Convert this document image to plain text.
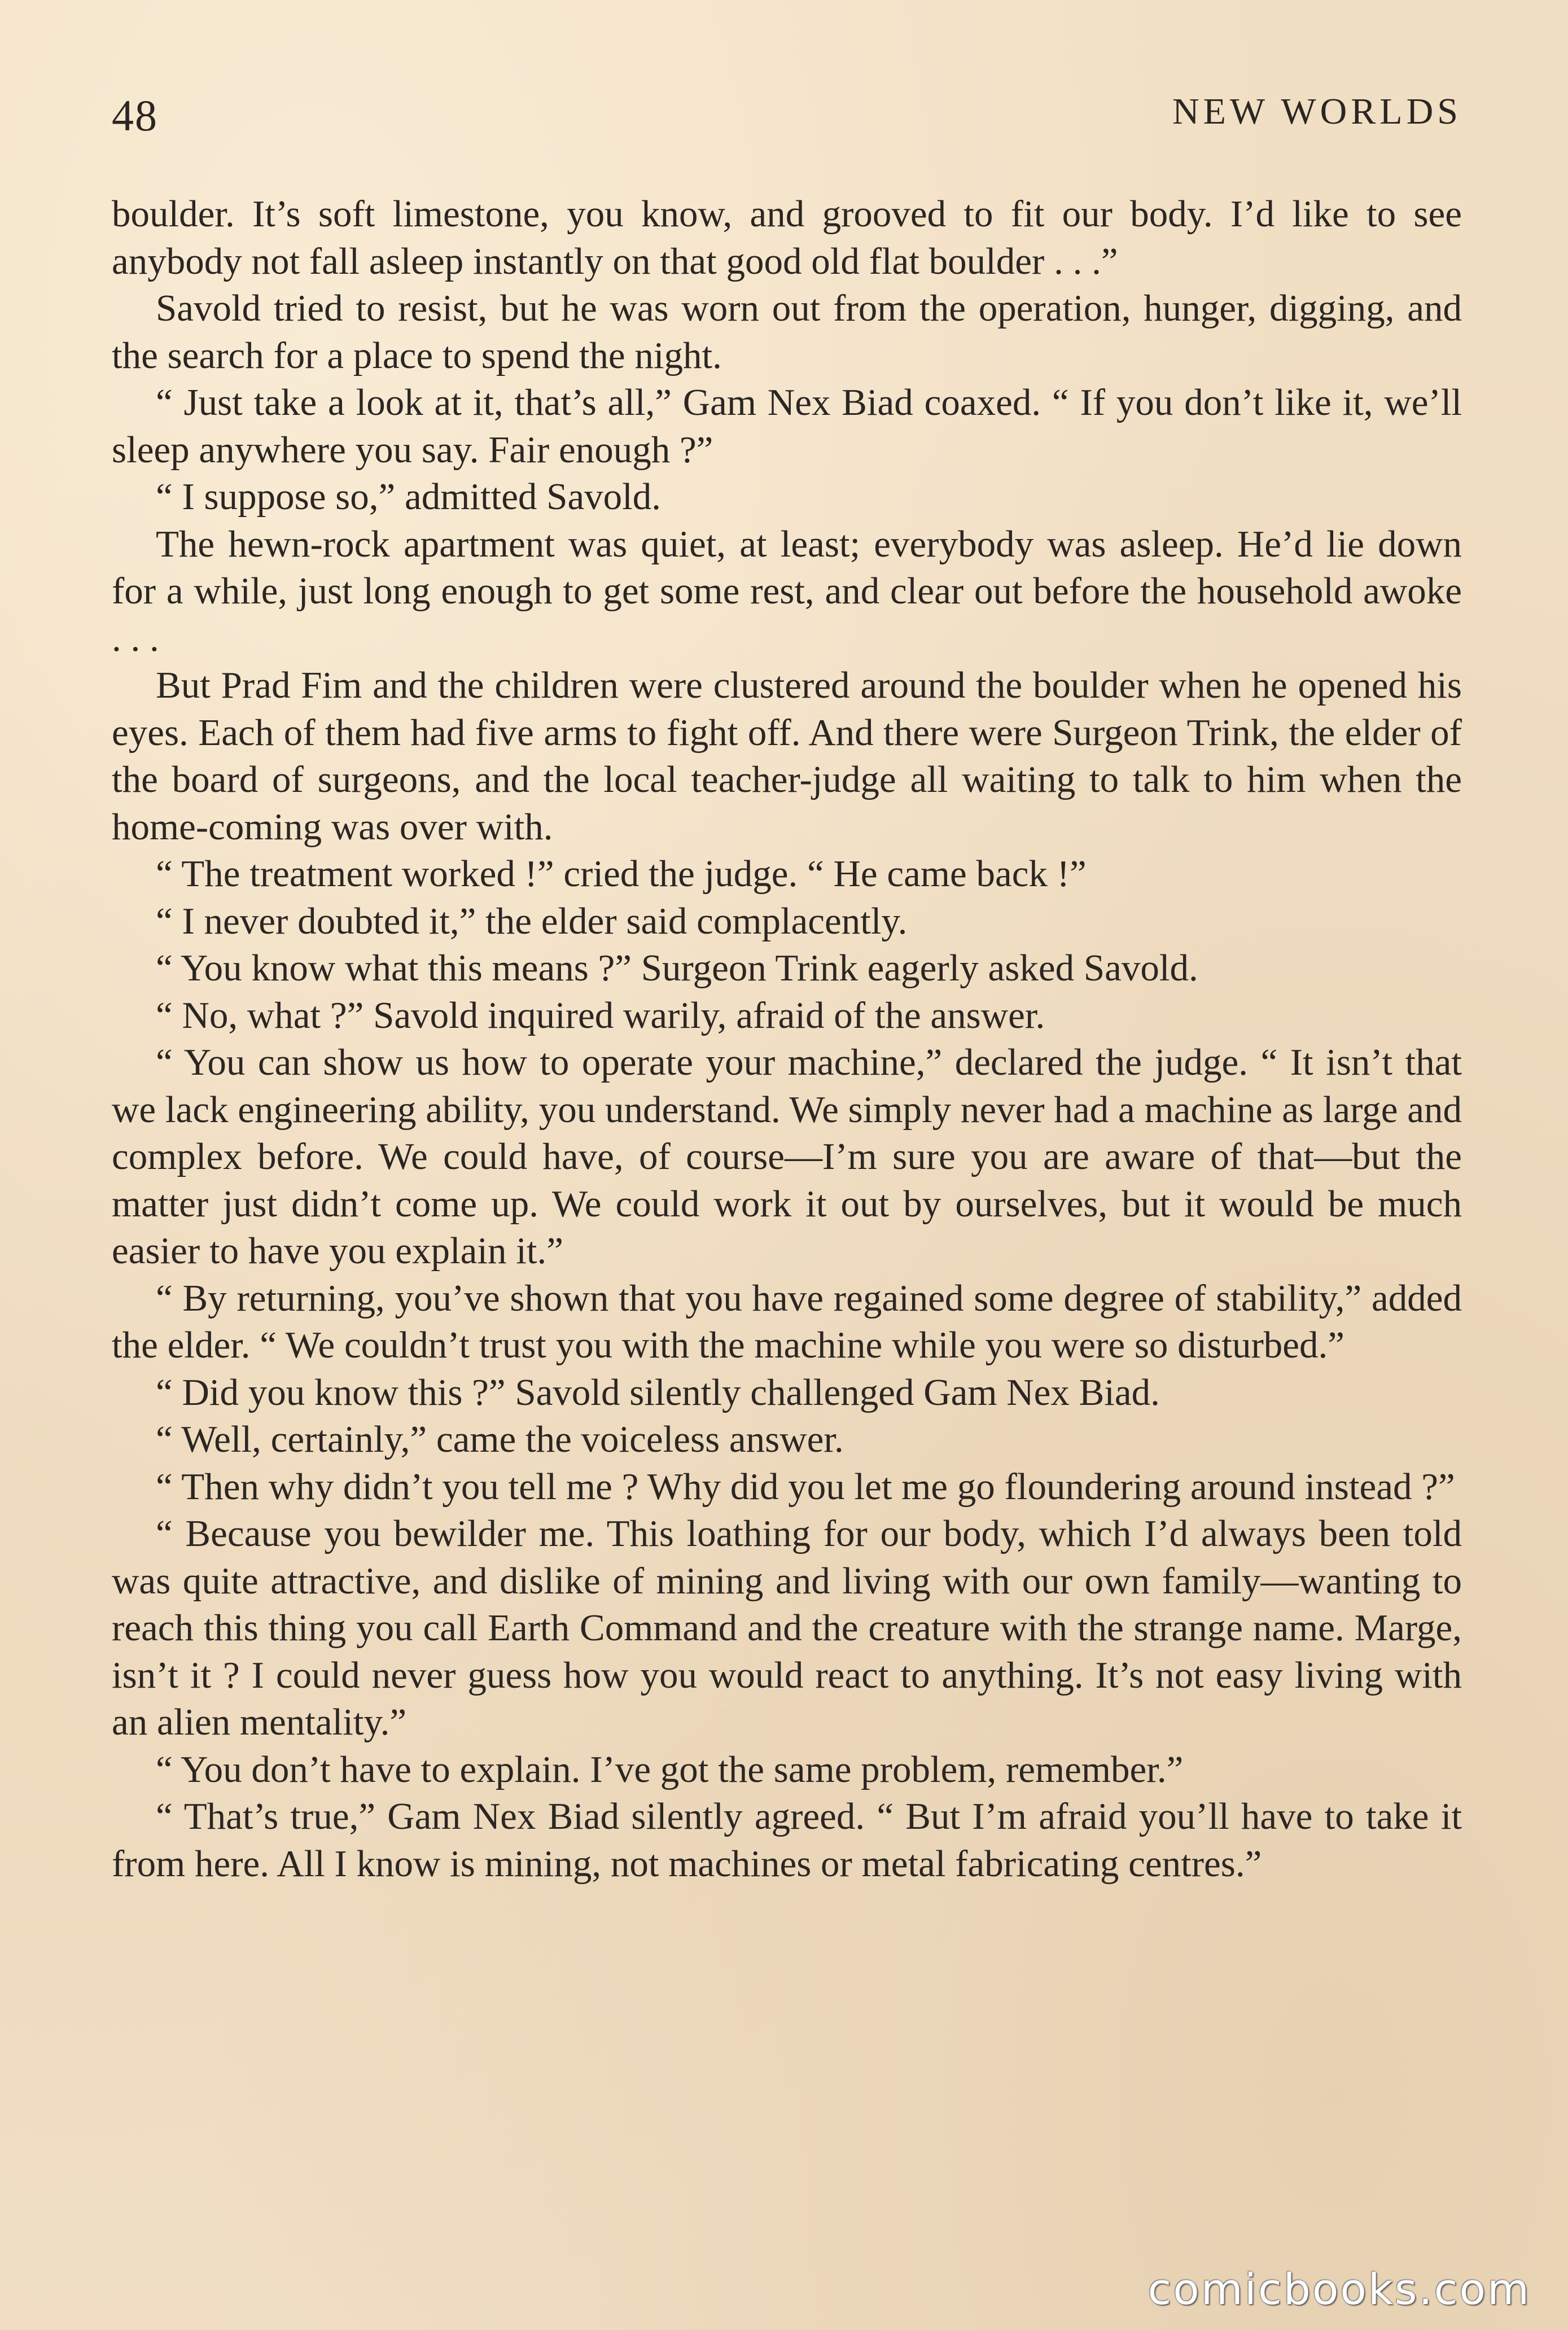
48	NEW WORLDS

boulder. It’s soft limestone, you know, and grooved to fit our body. I’d like to see anybody not fall asleep instantly on that good old flat boulder . . .”

Savold tried to resist, but he was worn out from the operation, hunger, digging, and the search for a place to spend the night.

“ Just take a look at it, that’s all,” Gam Nex Biad coaxed. “ If you don’t like it, we’ll sleep anywhere you say. Fair enough ?”

“ I suppose so,” admitted Savold.

The hewn-rock apartment was quiet, at least; everybody was asleep. He’d lie down for a while, just long enough to get some rest, and clear out before the household awoke . . .

But Prad Fim and the children were clustered around the boulder when he opened his eyes. Each of them had five arms to fight off. And there were Surgeon Trink, the elder of the board of surgeons, and the local teacher-judge all waiting to talk to him when the home-coming was over with.

“ The treatment worked !” cried the judge. “ He came back !”

“ I never doubted it,” the elder said complacently.

“ You know what this means ?” Surgeon Trink eagerly asked Savold.

“ No, what ?” Savold inquired warily, afraid of the answer.

“ You can show us how to operate your machine,” declared the judge. “ It isn’t that we lack engineering ability, you understand. We simply never had a machine as large and complex before. We could have, of course—I’m sure you are aware of that—but the matter just didn’t come up. We could work it out by ourselves, but it would be much easier to have you explain it.”

“ By returning, you’ve shown that you have regained some degree of stability,” added the elder. “ We couldn’t trust you with the machine while you were so disturbed.”

“ Did you know this ?” Savold silently challenged Gam Nex Biad.

“ Well, certainly,” came the voiceless answer.

“ Then why didn’t you tell me ? Why did you let me go floundering around instead ?”

“ Because you bewilder me. This loathing for our body, which I’d always been told was quite attractive, and dislike of mining and living with our own family—wanting to reach this thing you call Earth Command and the creature with the strange name. Marge, isn’t it ? I could never guess how you would react to anything. It’s not easy living with an alien mentality.”

“ You don’t have to explain. I’ve got the same problem, remember.”

“ That’s true,” Gam Nex Biad silently agreed. “ But I’m afraid you’ll have to take it from here. All I know is mining, not machines or metal fabricating centres.”

comicbooks.com
